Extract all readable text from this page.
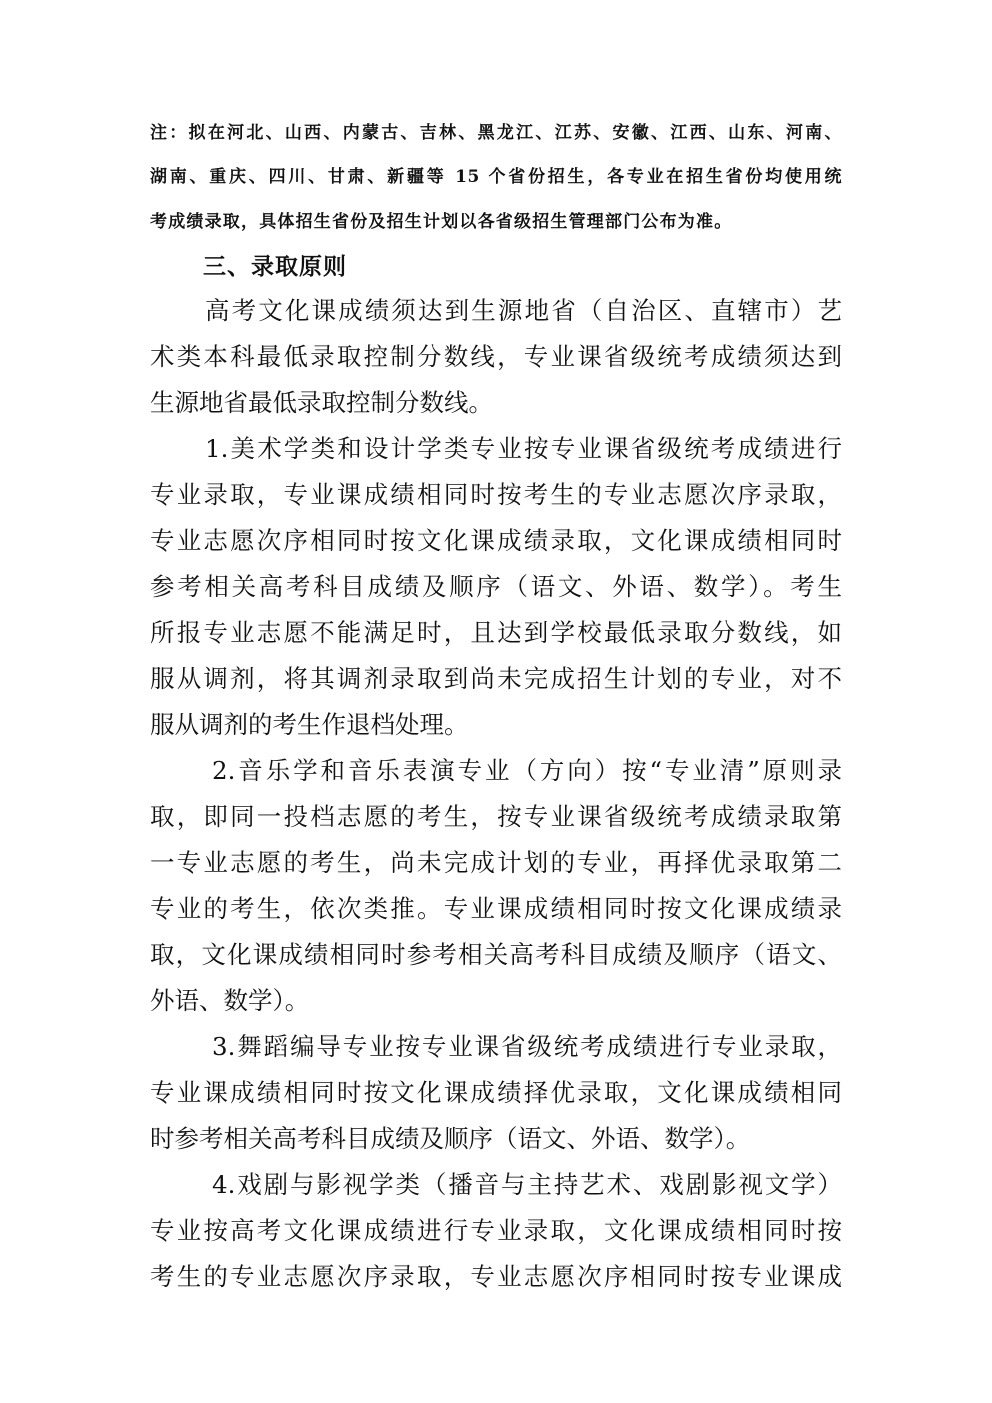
注：拟在河北、山西、内蒙古、吉林、黑龙江、江苏、安徽、江西、山东、河南、
湖南、重庆、四川、甘肃、新疆等 15 个省份招生，各专业在招生省份均使用统
考成绩录取，具体招生省份及招生计划以各省级招生管理部门公布为准。
三、录取原则
高考文化课成绩须达到生源地省（自治区、直辖市）艺
术类本科最低录取控制分数线，专业课省级统考成绩须达到
生源地省最低录取控制分数线。
1.美术学类和设计学类专业按专业课省级统考成绩进行
专业录取，专业课成绩相同时按考生的专业志愿次序录取，
专业志愿次序相同时按文化课成绩录取，文化课成绩相同时
参考相关高考科目成绩及顺序（语文、外语、数学）。考生
所报专业志愿不能满足时，且达到学校最低录取分数线，如
服从调剂，将其调剂录取到尚未完成招生计划的专业，对不
服从调剂的考生作退档处理。
2.音乐学和音乐表演专业（方向）按“专业清”原则录
取，即同一投档志愿的考生，按专业课省级统考成绩录取第
一专业志愿的考生，尚未完成计划的专业，再择优录取第二
专业的考生，依次类推。专业课成绩相同时按文化课成绩录
取，文化课成绩相同时参考相关高考科目成绩及顺序（语文、
外语、数学）。
3.舞蹈编导专业按专业课省级统考成绩进行专业录取，
专业课成绩相同时按文化课成绩择优录取，文化课成绩相同
时参考相关高考科目成绩及顺序（语文、外语、数学）。
4.戏剧与影视学类（播音与主持艺术、戏剧影视文学）
专业按高考文化课成绩进行专业录取，文化课成绩相同时按
考生的专业志愿次序录取，专业志愿次序相同时按专业课成
